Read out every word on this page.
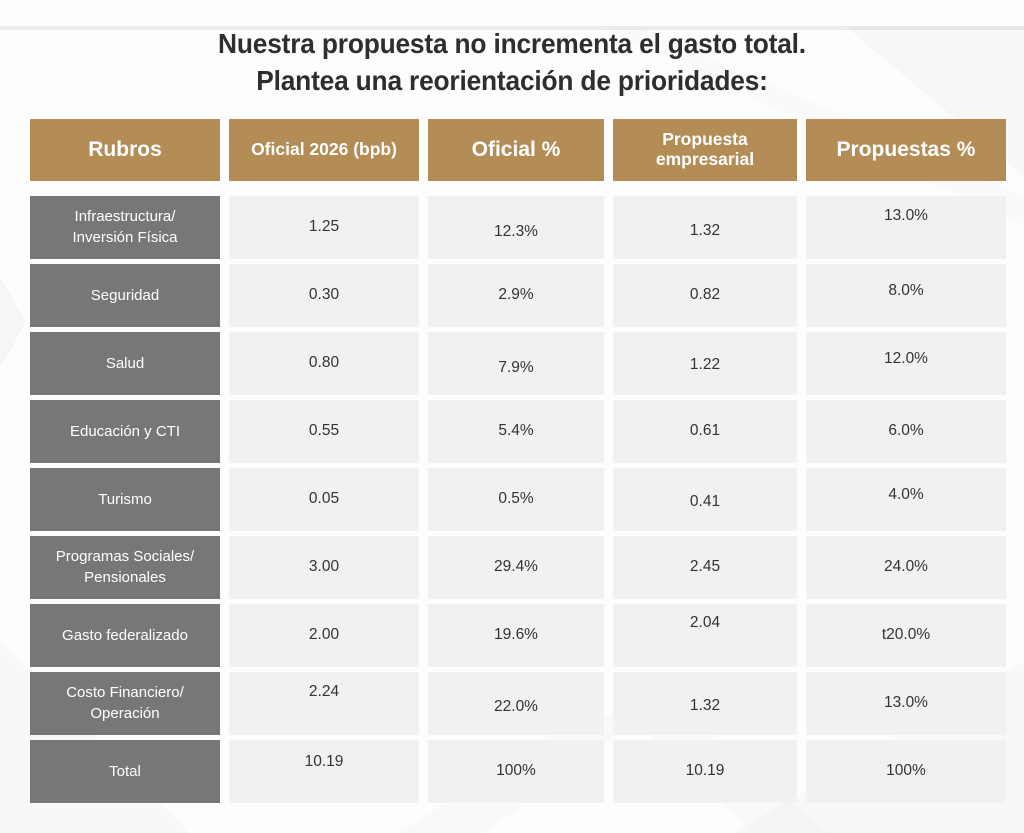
Nuestra propuesta no incrementa el gasto total.
Plantea una reorientación de prioridades:
Rubros	Oficial 2026 (bpb)	Oficial %	Propuesta empresarial	Propuestas %
Infraestructura/ Inversión Física	1.25	12.3%	1.32	13.0%
Seguridad	0.30	2.9%	0.82	8.0%
Salud	0.80	7.9%	1.22	12.0%
Educación y CTI	0.55	5.4%	0.61	6.0%
Turismo	0.05	0.5%	0.41	4.0%
Programas Sociales/ Pensionales	3.00	29.4%	2.45	24.0%
Gasto federalizado	2.00	19.6%	2.04	t20.0%
Costo Financiero/ Operación	2.24	22.0%	1.32	13.0%
Total	10.19	100%	10.19	100%
